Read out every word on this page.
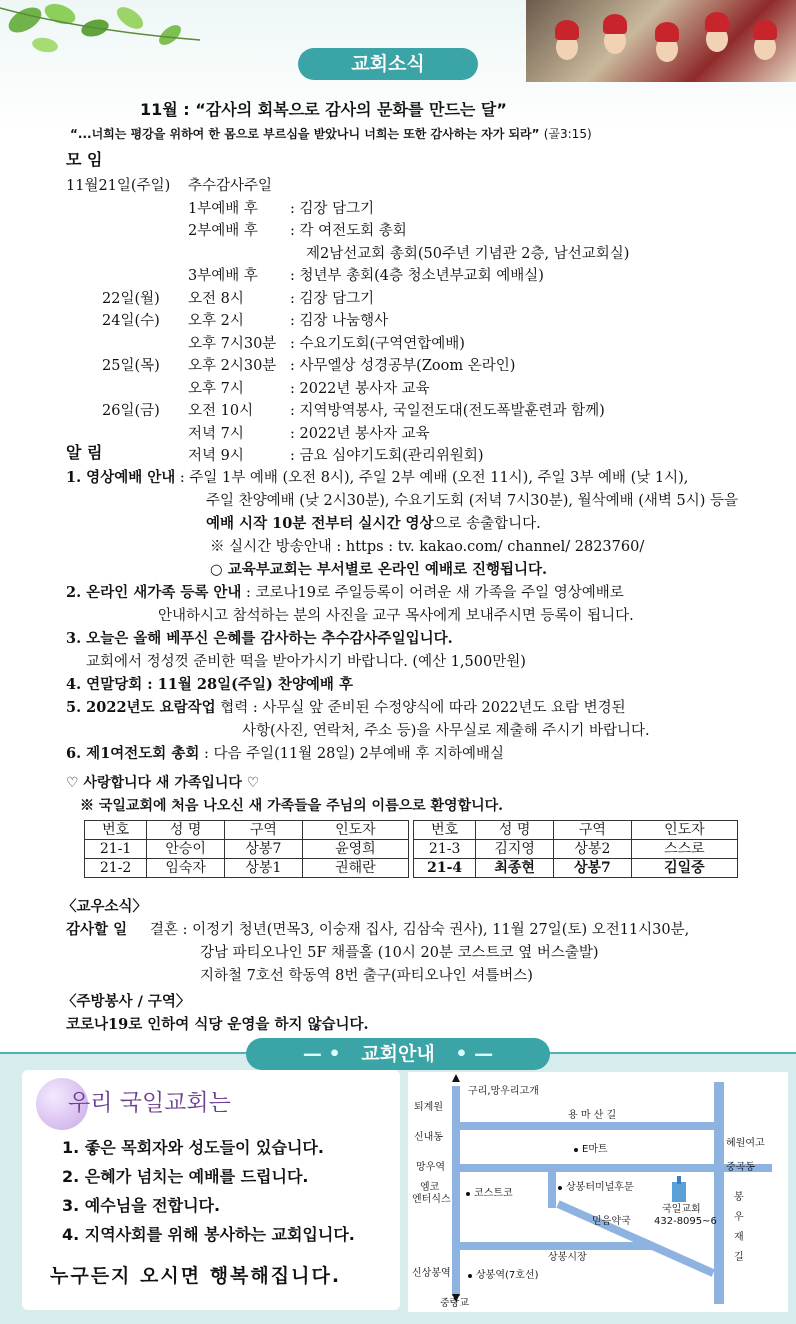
교회소식
11월 : “감사의 회복으로 감사의 문화를 만드는 달”
“...너희는 평강을 위하여 한 몸으로 부르심을 받았나니 너희는 또한 감사하는 자가 되라” (골3:15)
모 임
11월21일(주일) 추수감사주일
1부예배 후 : 김장 담그기
2부예배 후 : 각 여전도회 총회
제2남선교회 총회(50주년 기념관 2층, 남선교회실)
3부예배 후 : 청년부 총회(4층 청소년부교회 예배실)
22일(월) 오전 8시	: 김장 담그기
24일(수) 오후 2시	: 김장 나눔행사
오후 7시30분 : 수요기도회(구역연합예배)
25일(목) 오후 2시30분 : 사무엘상 성경공부(Zoom 온라인)
오후 7시	: 2022년 봉사자 교육
26일(금) 오전 10시	: 지역방역봉사, 국일전도대(전도폭발훈련과 함께)
저녁 7시	: 2022년 봉사자 교육
저녁 9시	: 금요 심야기도회(관리위원회)
알 림
1. 영상예배 안내 : 주일 1부 예배 (오전 8시), 주일 2부 예배 (오전 11시), 주일 3부 예배 (낮 1시),
주일 찬양예배 (낮 2시30분), 수요기도회 (저녁 7시30분), 월삭예배 (새벽 5시) 등을
예배 시작 10분 전부터 실시간 영상으로 송출합니다.
※ 실시간 방송안내 : https : tv. kakao.com/ channel/ 2823760/
○ 교육부교회는 부서별로 온라인 예배로 진행됩니다.
2. 온라인 새가족 등록 안내 : 코로나19로 주일등록이 어려운 새 가족을 주일 영상예배로
안내하시고 참석하는 분의 사진을 교구 목사에게 보내주시면 등록이 됩니다.
3. 오늘은 올해 베푸신 은혜를 감사하는 추수감사주일입니다.
교회에서 정성껏 준비한 떡을 받아가시기 바랍니다. (예산 1,500만원)
4. 연말당회 : 11월 28일(주일) 찬양예배 후
5. 2022년도 요람작업 협력 : 사무실 앞 준비된 수정양식에 따라 2022년도 요람 변경된
사항(사진, 연락처, 주소 등)을 사무실로 제출해 주시기 바랍니다.
6. 제1여전도회 총회 : 다음 주일(11월 28일) 2부예배 후 지하예배실
♡ 사랑합니다 새 가족입니다 ♡
※ 국일교회에 처음 나오신 새 가족들을 주님의 이름으로 환영합니다.
번호	성 명	구역	인도자
21-1	안승이	상봉7	윤영희
21-2	임숙자	상봉1	권해란
번호	성 명	구역	인도자
21-3	김지영	상봉2	스스로
21-4	최종현	상봉7	김일중
〈교우소식〉
감사할 일 결혼 : 이정기 청년(면목3, 이숭재 집사, 김삼숙 권사), 11월 27일(토) 오전11시30분,
강남 파티오나인 5F 채플홀 (10시 20분 코스트코 옆 버스출발)
지하철 7호선 학동역 8번 출구(파티오나인 셔틀버스)
〈주방봉사 / 구역〉
코로나19로 인하여 식당 운영을 하지 않습니다.
— • 교회안내 • —
우리 국일교회는
1. 좋은 목회자와 성도들이 있습니다.
2. 은혜가 넘치는 예배를 드립니다.
3. 예수님을 전합니다.
4. 지역사회를 위해 봉사하는 교회입니다.
누구든지 오시면 행복해집니다.
구리,망우리고개
중랑교
퇴계원
용 마 산 길
신내동
E마트
혜원여고
망우역	중곡동
엠코
엔터식스
코스트코
상봉터미널후문
국일교회
432-8095~6
믿음약국
봉
우
재
길
상봉시장
신상봉역	상봉역(7호선)
